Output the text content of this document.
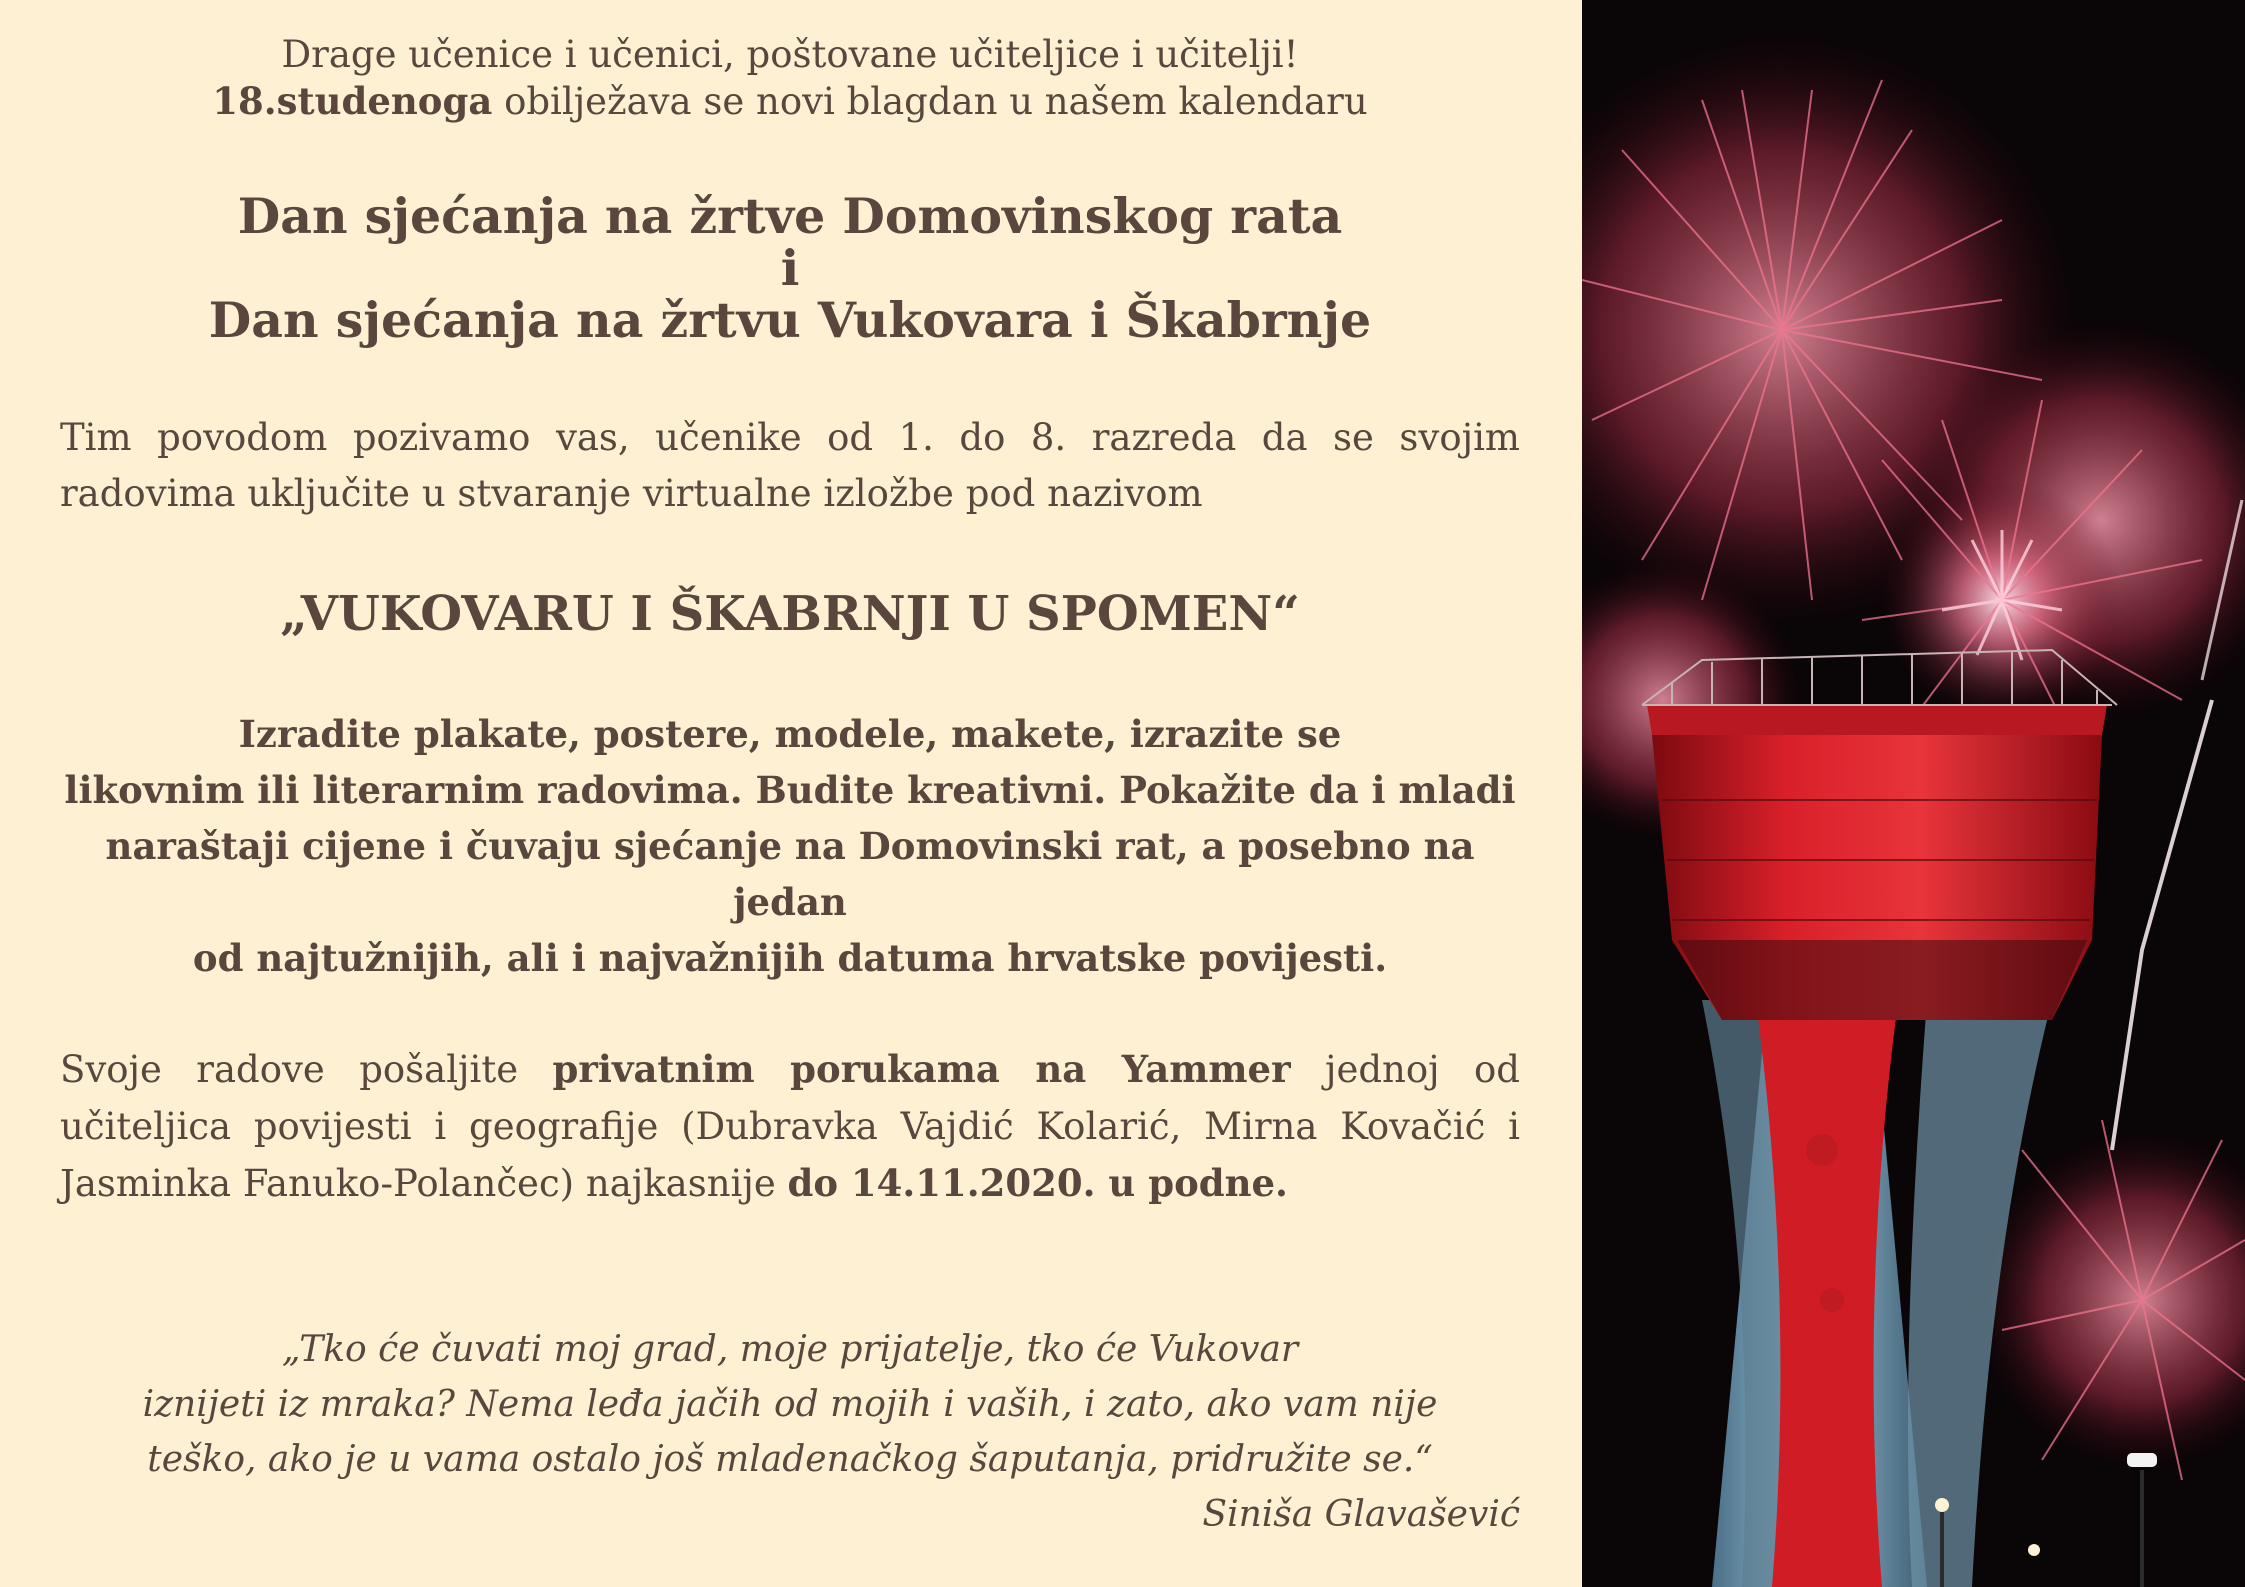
Drage učenice i učenici, poštovane učiteljice i učitelji!
18.studenoga obilježava se novi blagdan u našem kalendaru
Dan sjećanja na žrtve Domovinskog rata
i
Dan sjećanja na žrtvu Vukovara i Škabrnje
Tim povodom pozivamo vas, učenike od 1. do 8. razreda da se svojim
radovima uključite u stvaranje virtualne izložbe pod nazivom
„VUKOVARU I ŠKABRNJI U SPOMEN“
Izradite plakate, postere, modele, makete, izrazite se
likovnim ili literarnim radovima. Budite kreativni. Pokažite da i mladi
naraštaji cijene i čuvaju sjećanje na Domovinski rat, a posebno na jedan
od najtužnijih, ali i najvažnijih datuma hrvatske povijesti.
Svoje radove pošaljite privatnim porukama na Yammer jednoj od
učiteljica povijesti i geografije (Dubravka Vajdić Kolarić, Mirna Kovačić i
Jasminka Fanuko-Polančec) najkasnije do 14.11.2020. u podne.
„Tko će čuvati moj grad, moje prijatelje, tko će Vukovar
iznijeti iz mraka? Nema leđa jačih od mojih i vaših, i zato, ako vam nije
teško, ako je u vama ostalo još mladenačkog šaputanja, pridružite se.“
Siniša Glavašević
